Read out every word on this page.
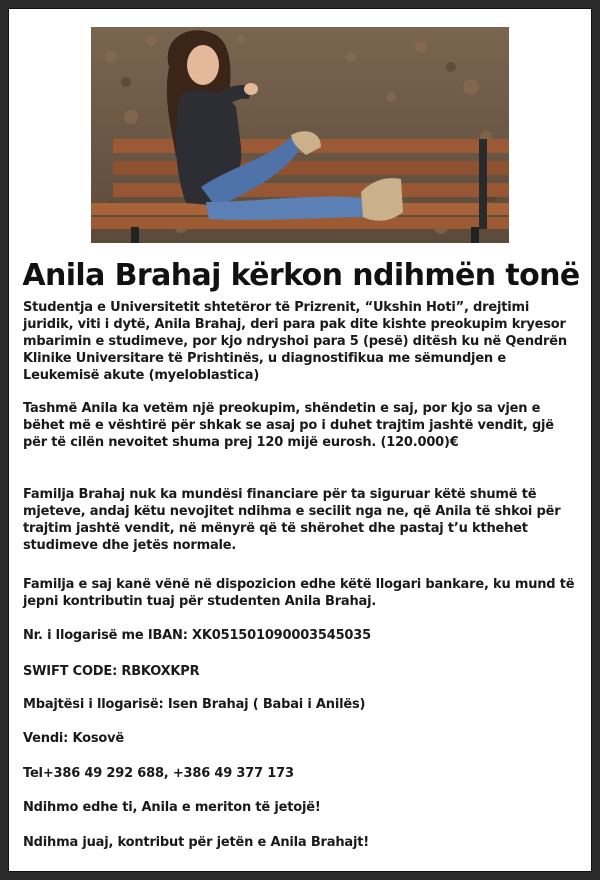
Anila Brahaj kërkon ndihmën tonë

Studentja e Universitetit shtetëror të Prizrenit, “Ukshin Hoti”, drejtimi juridik, viti i dytë, Anila Brahaj, deri para pak dite kishte preokupim kryesor mbarimin e studimeve, por kjo ndryshoi para 5 (pesë) ditësh ku në Qendrën Klinike Universitare të Prishtinës, u diagnostifikua me sëmundjen e Leukemisë akute (myeloblastica)

Tashmë Anila ka vetëm një preokupim, shëndetin e saj, por kjo sa vjen e bëhet më e vështirë për shkak se asaj po i duhet trajtim jashtë vendit, gjë për të cilën nevoitet shuma prej 120 mijë eurosh. (120.000)€

Familja Brahaj nuk ka mundësi financiare për ta siguruar këtë shumë të mjeteve, andaj këtu nevojitet ndihma e secilit nga ne, që Anila të shkoi për trajtim jashtë vendit, në mënyrë që të shërohet dhe pastaj t’u kthehet studimeve dhe jetës normale.

Familja e saj kanë vënë në dispozicion edhe këtë llogari bankare, ku mund të jepni kontributin tuaj për studenten Anila Brahaj.

Nr. i llogarisë me IBAN: XK051501090003545035

SWIFT CODE: RBKOXKPR

Mbajtësi i llogarisë: Isen Brahaj ( Babai i Anilës)

Vendi: Kosovë

Tel+386 49 292 688, +386 49 377 173

Ndihmo edhe ti, Anila e meriton të jetojë!

Ndihma juaj, kontribut për jetën e Anila Brahajt!
